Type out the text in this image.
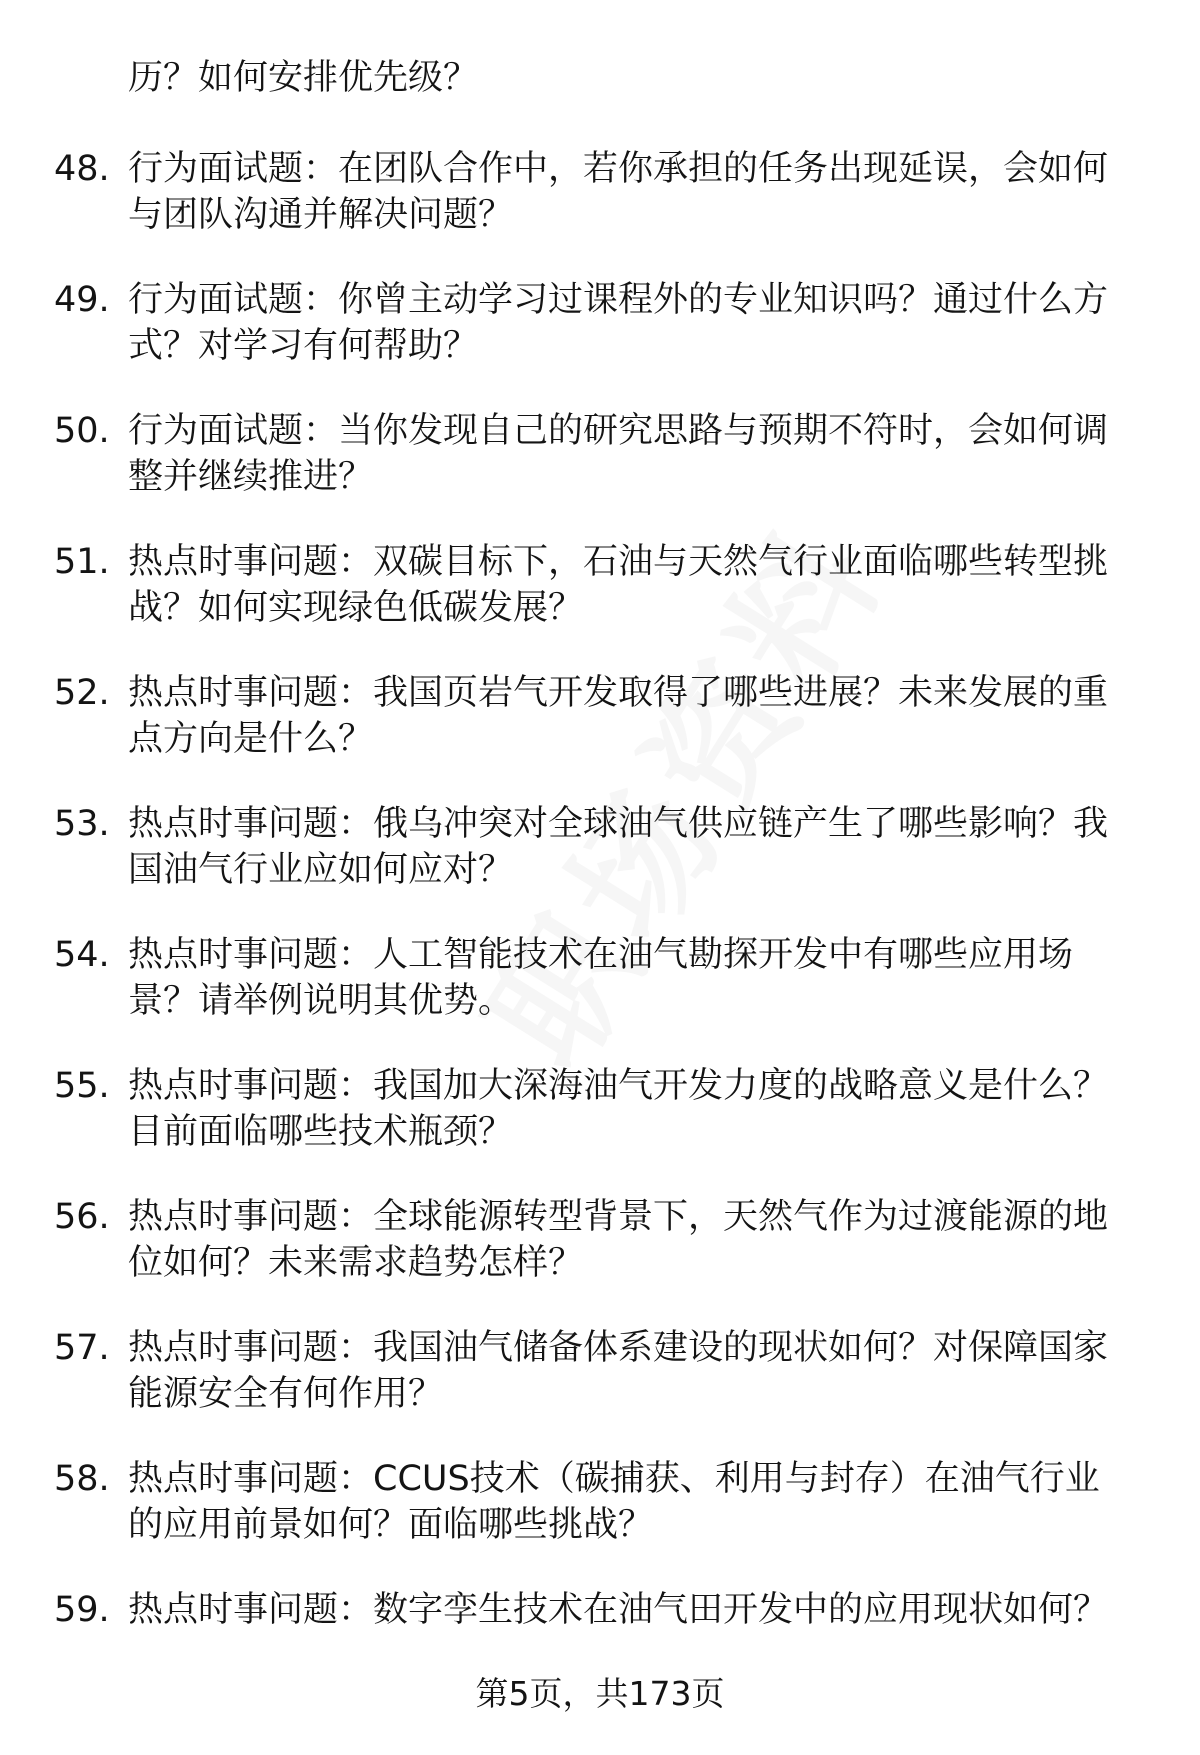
历？如何安排优先级？
48. 行为面试题：在团队合作中，若你承担的任务出现延误，会如何
与团队沟通并解决问题？
49. 行为面试题：你曾主动学习过课程外的专业知识吗？通过什么方
式？对学习有何帮助？
50. 行为面试题：当你发现自己的研究思路与预期不符时，会如何调
整并继续推进？
51. 热点时事问题：双碳目标下，石油与天然气行业面临哪些转型挑
战？如何实现绿色低碳发展？
52. 热点时事问题：我国页岩气开发取得了哪些进展？未来发展的重
点方向是什么？
53. 热点时事问题：俄乌冲突对全球油气供应链产生了哪些影响？我
国油气行业应如何应对？
54. 热点时事问题：人工智能技术在油气勘探开发中有哪些应用场
景？请举例说明其优势。
55. 热点时事问题：我国加大深海油气开发力度的战略意义是什么？
目前面临哪些技术瓶颈？
56. 热点时事问题：全球能源转型背景下，天然气作为过渡能源的地
位如何？未来需求趋势怎样？
57. 热点时事问题：我国油气储备体系建设的现状如何？对保障国家
能源安全有何作用？
58. 热点时事问题：CCUS技术（碳捕获、利用与封存）在油气行业
的应用前景如何？面临哪些挑战？
59. 热点时事问题：数字孪生技术在油气田开发中的应用现状如何？
第5页，共173页
